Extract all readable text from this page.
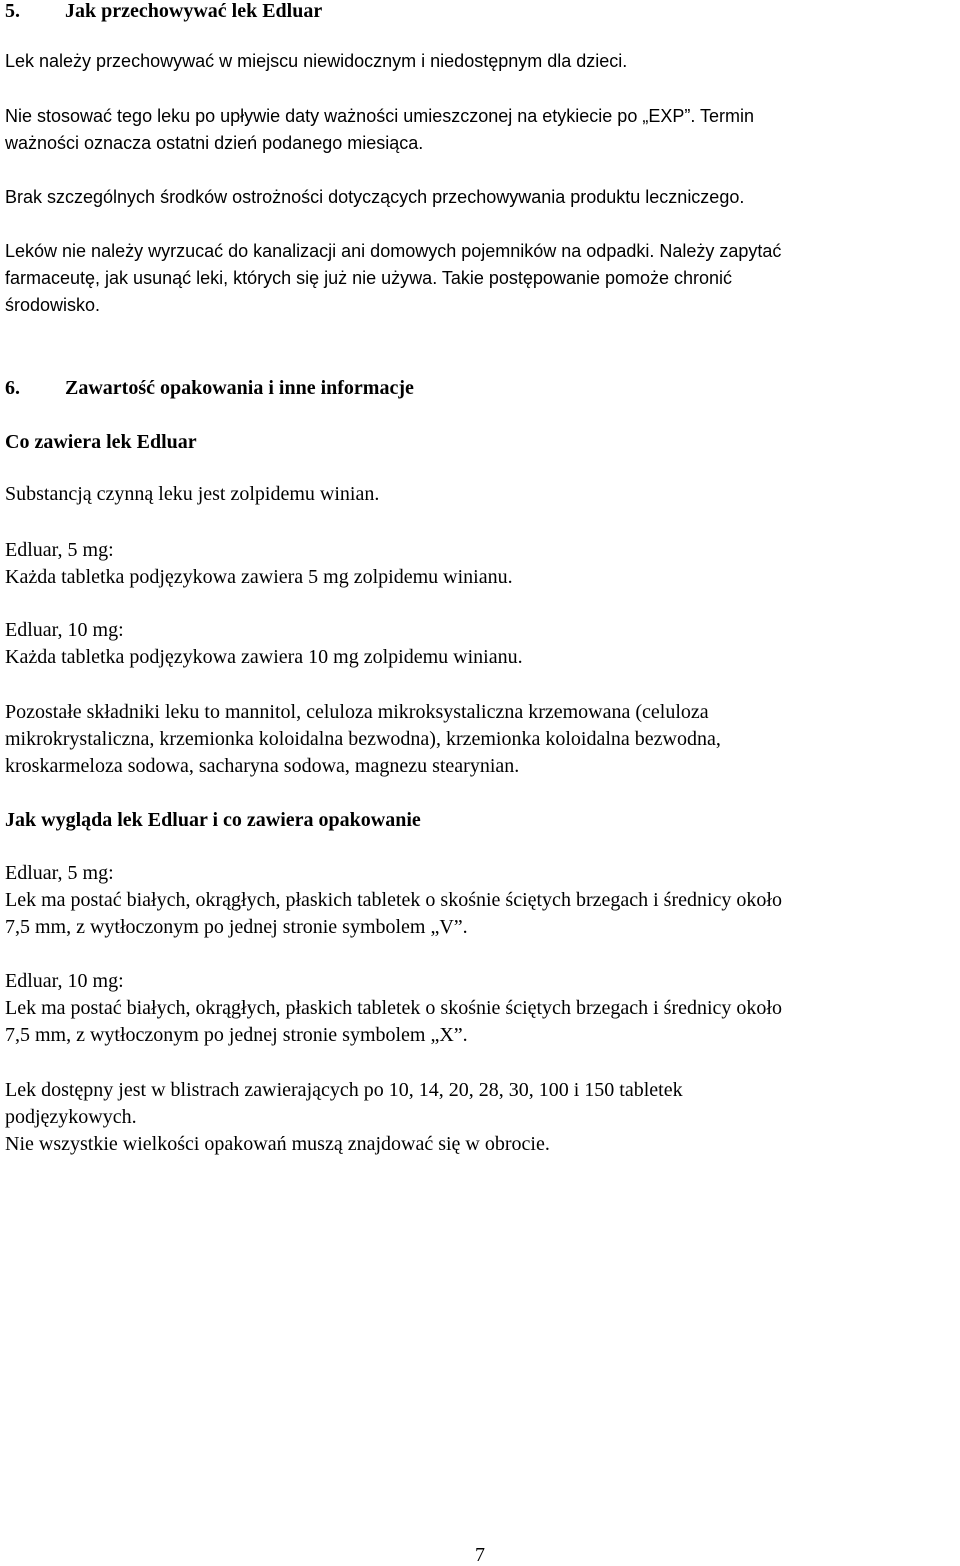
5. Jak przechowywać lek Edluar

Lek należy przechowywać w miejscu niewidocznym i niedostępnym dla dzieci.

Nie stosować tego leku po upływie daty ważności umieszczonej na etykiecie po „EXP”. Termin
ważności oznacza ostatni dzień podanego miesiąca.

Brak szczególnych środków ostrożności dotyczących przechowywania produktu leczniczego.

Leków nie należy wyrzucać do kanalizacji ani domowych pojemników na odpadki. Należy zapytać
farmaceutę, jak usunąć leki, których się już nie używa. Takie postępowanie pomoże chronić
środowisko.

6. Zawartość opakowania i inne informacje
Co zawiera lek Edluar

Substancją czynną leku jest zolpidemu winian.

Edluar, 5 mg:
Każda tabletka podjęzykowa zawiera 5 mg zolpidemu winianu.

Edluar, 10 mg:
Każda tabletka podjęzykowa zawiera 10 mg zolpidemu winianu.

Pozostałe składniki leku to mannitol, celuloza mikroksystaliczna krzemowana (celuloza
mikrokrystaliczna, krzemionka koloidalna bezwodna), krzemionka koloidalna bezwodna,
kroskarmeloza sodowa, sacharyna sodowa, magnezu stearynian.

Jak wygląda lek Edluar i co zawiera opakowanie

Edluar, 5 mg:
Lek ma postać białych, okrągłych, płaskich tabletek o skośnie ściętych brzegach i średnicy około
7,5 mm, z wytłoczonym po jednej stronie symbolem „V”.

Edluar, 10 mg:
Lek ma postać białych, okrągłych, płaskich tabletek o skośnie ściętych brzegach i średnicy około
7,5 mm, z wytłoczonym po jednej stronie symbolem „X”.

Lek dostępny jest w blistrach zawierających po 10, 14, 20, 28, 30, 100 i 150 tabletek
podjęzykowych.
Nie wszystkie wielkości opakowań muszą znajdować się w obrocie.

7
